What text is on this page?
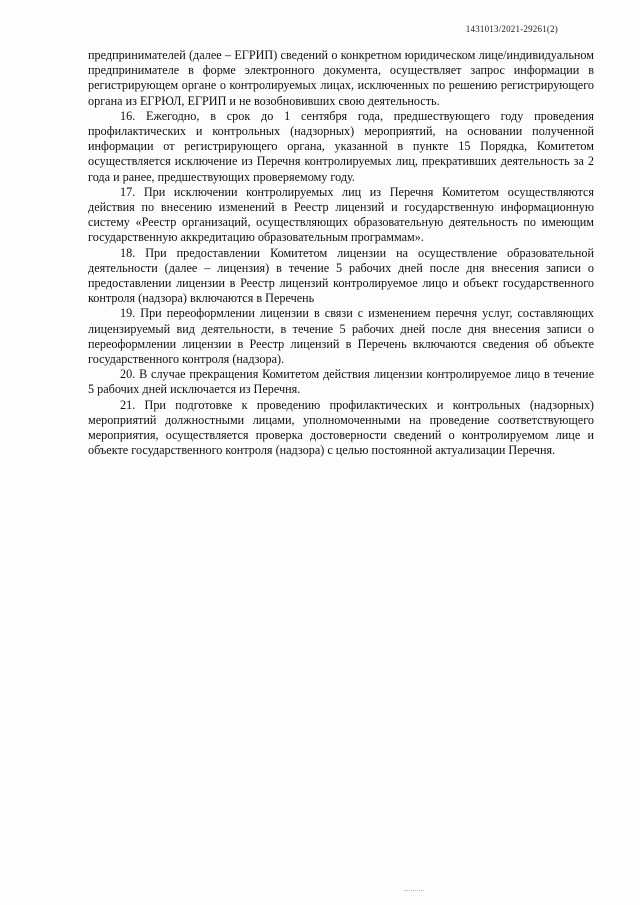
1431013/2021-29261(2)

предпринимателей (далее – ЕГРИП) сведений о конкретном юридическом лице/индивидуальном предпринимателе в форме электронного документа, осуществляет запрос информации в регистрирующем органе о контролируемых лицах, исключенных по решению регистрирующего органа из ЕГРЮЛ, ЕГРИП и не возобновивших свою деятельность.

16. Ежегодно, в срок до 1 сентября года, предшествующего году проведения профилактических и контрольных (надзорных) мероприятий, на основании полученной информации от регистрирующего органа, указанной в пункте 15 Порядка, Комитетом осуществляется исключение из Перечня контролируемых лиц, прекративших деятельность за 2 года и ранее, предшествующих проверяемому году.

17. При исключении контролируемых лиц из Перечня Комитетом осуществляются действия по внесению изменений в Реестр лицензий и государственную информационную систему «Реестр организаций, осуществляющих образовательную деятельность по имеющим государственную аккредитацию образовательным программам».

18. При предоставлении Комитетом лицензии на осуществление образовательной деятельности (далее – лицензия) в течение 5 рабочих дней после дня внесения записи о предоставлении лицензии в Реестр лицензий контролируемое лицо и объект государственного контроля (надзора) включаются в Перечень

19. При переоформлении лицензии в связи с изменением перечня услуг, составляющих лицензируемый вид деятельности, в течение 5 рабочих дней после дня внесения записи о переоформлении лицензии в Реестр лицензий в Перечень включаются сведения об объекте государственного контроля (надзора).

20. В случае прекращения Комитетом действия лицензии контролируемое лицо в течение 5 рабочих дней исключается из Перечня.

21. При подготовке к проведению профилактических и контрольных (надзорных) мероприятий должностными лицами, уполномоченными на проведение соответствующего мероприятия, осуществляется проверка достоверности сведений о контролируемом лице и объекте государственного контроля (надзора) с целью постоянной актуализации Перечня.
